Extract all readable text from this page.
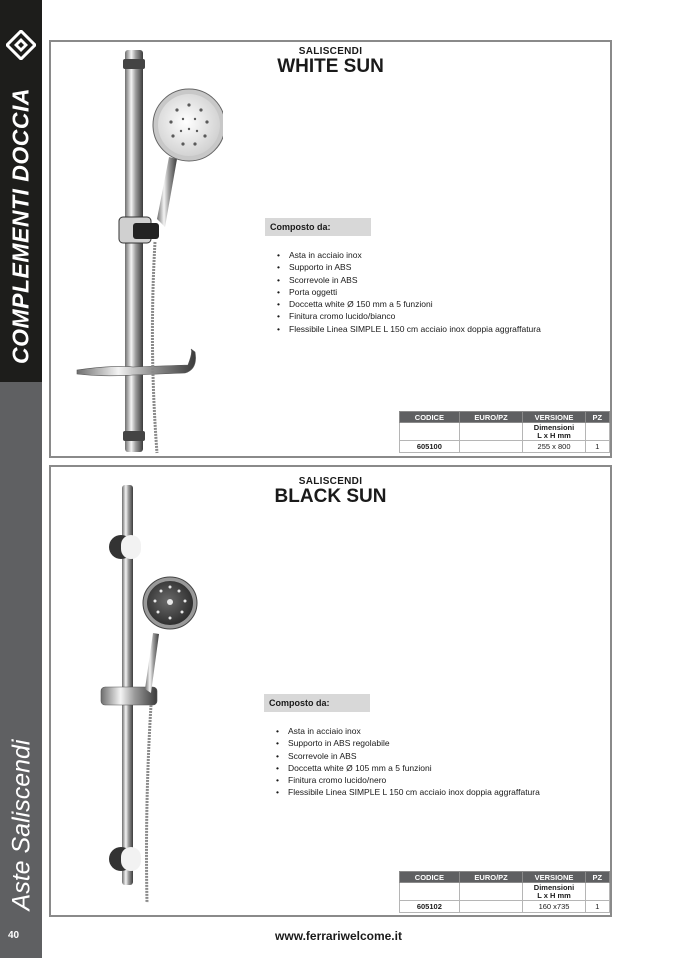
COMPLEMENTI DOCCIA
Aste Saliscendi
40
SALISCENDI
WHITE SUN
Composto da:
• Asta in acciaio inox
• Supporto in ABS
• Scorrevole in ABS
• Porta oggetti
• Doccetta white Ø 150 mm a 5 funzioni
• Finitura cromo lucido/bianco
• Flessibile Linea SIMPLE L 150 cm acciaio inox doppia aggraffatura
CODICE	EURO/PZ	VERSIONE	PZ
		Dimensioni
L x H mm	
605100		255 x 800	1
SALISCENDI
BLACK SUN
Composto da:
• Asta in acciaio inox
• Supporto in ABS regolabile
• Scorrevole in ABS
• Doccetta white Ø 105 mm a 5 funzioni
• Finitura cromo lucido/nero
• Flessibile Linea SIMPLE L 150 cm acciaio inox doppia aggraffatura
CODICE	EURO/PZ	VERSIONE	PZ
		Dimensioni
L x H mm	
605102		160 x735	1
www.ferrariwelcome.it
